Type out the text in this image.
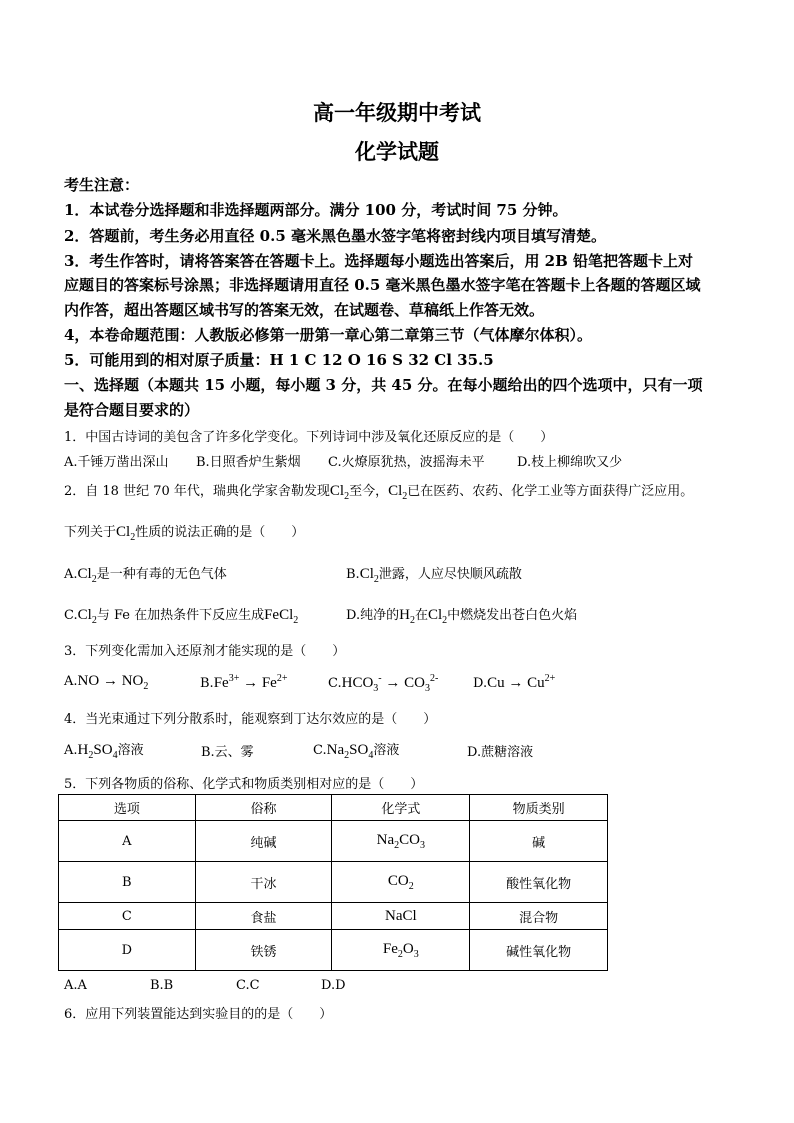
高一年级期中考试
化学试题
考生注意：
1．本试卷分选择题和非选择题两部分。满分 100 分，考试时间 75 分钟。
2．答题前，考生务必用直径 0.5 毫米黑色墨水签字笔将密封线内项目填写清楚。
3．考生作答时，请将答案答在答题卡上。选择题每小题选出答案后，用 2B 铅笔把答题卡上对
应题目的答案标号涂黑；非选择题请用直径 0.5 毫米黑色墨水签字笔在答题卡上各题的答题区域
内作答，超出答题区域书写的答案无效，在试题卷、草稿纸上作答无效。
4，本卷命题范围：人教版必修第一册第一章心第二章第三节（气体摩尔体积）。
5．可能用到的相对原子质量：H 1 C 12 O 16 S 32 Cl 35.5
一、选择题（本题共 15 小题，每小题 3 分，共 45 分。在每小题给出的四个选项中，只有一项
是符合题目要求的）
1．中国古诗词的美包含了许多化学变化。下列诗词中涉及氧化还原反应的是（　　）
A.千锤万凿出深山 B.日照香炉生紫烟 C.火燎原犹热，波摇海未平 D.枝上柳绵吹又少
2．自 18 世纪 70 年代，瑞典化学家舍勒发现$Cl_2$至今，$Cl_2$已在医药、农药、化学工业等方面获得广泛应用。
下列关于$Cl_2$性质的说法正确的是（　　）
$A.Cl_2$是一种有毒的无色气体	$B.Cl_2$泄露，人应尽快顺风疏散
$C.Cl_2$与 Fe 在加热条件下反应生成FeCl$_2$	D.纯净的$H_2$在$Cl_2$中燃烧发出苍白色火焰
3．下列变化需加入还原剂才能实现的是（　　）
$A.NO \to NO_2$	$B.Fe^{3+} \to Fe^{2+}$	$C.HCO_3^- \to CO_3^{2-}$	$D.Cu \to Cu^{2+}$
4．当光束通过下列分散系时，能观察到丁达尔效应的是（　　）
$A.H_2SO_4$溶液	B.云、雾	$C.Na_2SO_4$溶液	D.蔗糖溶液
5．下列各物质的俗称、化学式和物质类别相对应的是（　　）
选项	俗称	化学式	物质类别
A	纯碱	$Na_2CO_3$	碱
B	干冰	$CO_2$	酸性氧化物
C	食盐	NaCl	混合物
D	铁锈	$Fe_2O_3$	碱性氧化物
A.A	B.B	C.C	D.D
6．应用下列装置能达到实验目的的是（　　）
